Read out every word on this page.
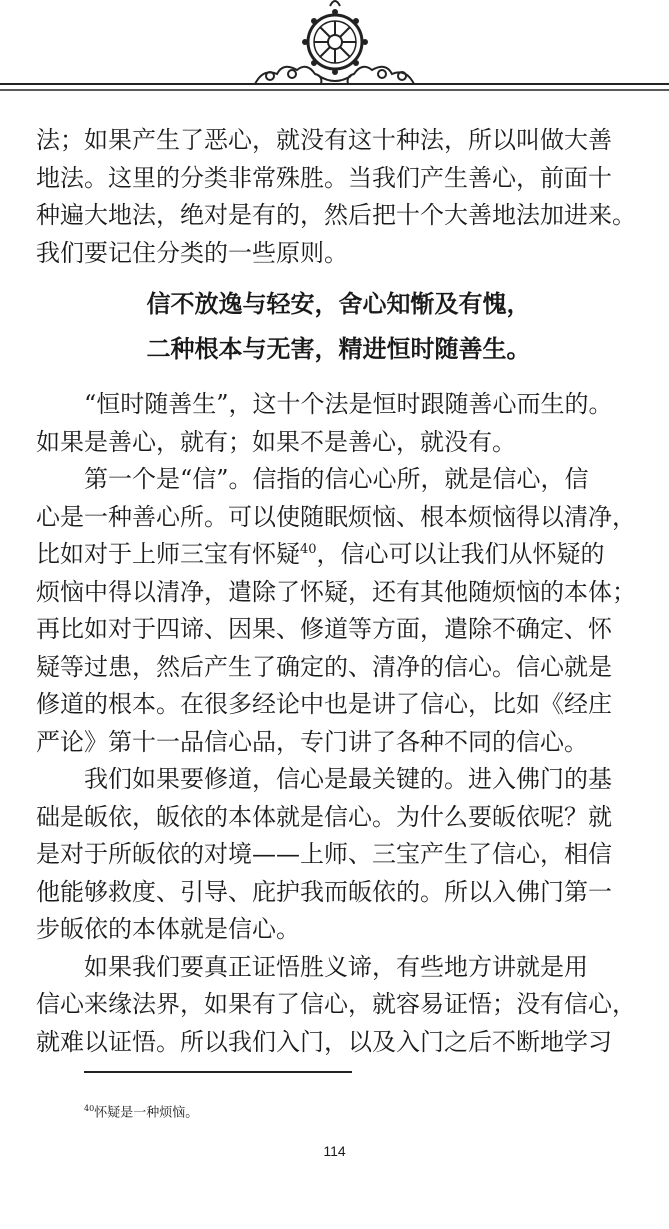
法；如果产生了恶心，就没有这十种法，所以叫做大善
地法。这里的分类非常殊胜。当我们产生善心，前面十
种遍大地法，绝对是有的，然后把十个大善地法加进来。
我们要记住分类的一些原则。
信不放逸与轻安，舍心知惭及有愧，
二种根本与无害，精进恒时随善生。
“恒时随善生”，这十个法是恒时跟随善心而生的。
如果是善心，就有；如果不是善心，就没有。
第一个是“信”。信指的信心心所，就是信心，信
心是一种善心所。可以使随眠烦恼、根本烦恼得以清净，
比如对于上师三宝有怀疑$^{40}$，信心可以让我们从怀疑的
烦恼中得以清净，遣除了怀疑，还有其他随烦恼的本体；
再比如对于四谛、因果、修道等方面，遣除不确定、怀
疑等过患，然后产生了确定的、清净的信心。信心就是
修道的根本。在很多经论中也是讲了信心，比如《经庄
严论》第十一品信心品，专门讲了各种不同的信心。
我们如果要修道，信心是最关键的。进入佛门的基
础是皈依，皈依的本体就是信心。为什么要皈依呢？就
是对于所皈依的对境——上师、三宝产生了信心，相信
他能够救度、引导、庇护我而皈依的。所以入佛门第一
步皈依的本体就是信心。
如果我们要真正证悟胜义谛，有些地方讲就是用
信心来缘法界，如果有了信心，就容易证悟；没有信心，
就难以证悟。所以我们入门，以及入门之后不断地学习
$^{40}$怀疑是一种烦恼。
114
